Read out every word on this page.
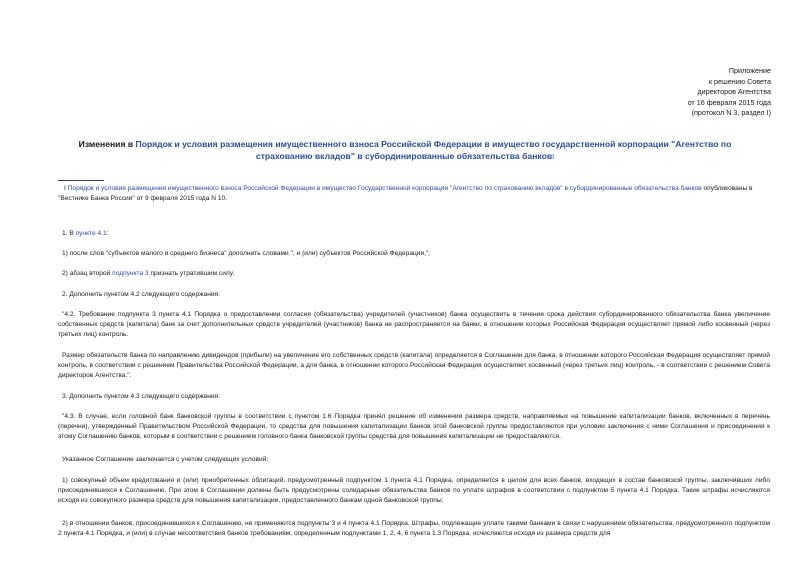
Приложение
к решению Совета
директоров Агентства
от 16 февраля 2015 года
(протокол N 3, раздел I)
Изменения в Порядок и условия размещения имущественного взноса Российской Федерации в имущество государственной корпорации "Агентство по страхованию вкладов" в субординированные обязательства банковI
I Порядок и условия размещения имущественного взноса Российской Федерации в имущество Государственной корпорации "Агентство по страхованию вкладов" в субординированные обязательства банков опубликованы в "Вестнике Банка России" от 9 февраля 2015 года N 10.
1. В пункте 4.1:
1) после слов "субъектов малого и среднего бизнеса" дополнить словами ", и (или) субъектов Российской Федерации,";
2) абзац второй подпункта 3 признать утратившим силу.
2. Дополнить пунктом 4.2 следующего содержания:
"4.2. Требование подпункта 3 пункта 4.1 Порядка о предоставлении согласия (обязательства) учредителей (участников) банка осуществить в течение срока действия субординированного обязательства банка увеличение собственных средств (капитала) банк за счет дополнительных средств учредителей (участников) банка не распространяется на банки, в отношении которых Российская Федерация осуществляет прямой либо косвенный (через третьих лиц) контроль.
Размер обязательств банка по направлению дивидендов (прибыли) на увеличение его собственных средств (капитала) определяется в Соглашении для банка, в отношении которого Российская Федерация осуществляет прямой контроль, в соответствии с решением Правительства Российской Федерации, а для банка, в отношении которого Российская Федерация осуществляет косвенный (через третьих лиц) контроль, - в соответствии с решением Совета директоров Агентства.".
3. Дополнить пунктом 4.3 следующего содержания:
"4.3. В случае, если головной банк банковской группы в соответствии с пунктом 1.6 Порядка принял решение об изменении размера средств, направляемых на повышение капитализации банков, включенных в перечень (перечни), утвержденный Правительством Российской Федерации, то средства для повышения капитализации банков этой банковской группы предоставляются при условии заключения с ними Соглашения и присоединения к этому Соглашению банков, которым в соответствии с решением головного банка банковской группы средства для повышения капитализации не предоставляются.
Указанное Соглашение заключается с учетом следующих условий:
1) совокупный объем кредитования и (или) приобретенных облигаций, предусмотренный подпунктом 1 пункта 4.1 Порядка, определяется в целом для всех банков, входящих в состав банковской группы, заключивших либо присоединившихся к Соглашению. При этом в Соглашении должны быть предусмотрены солидарные обязательства банков по уплате штрафов в соответствии с подпунктом 5 пункта 4.1 Порядка. Такие штрафы исчисляются исходя из совокупного размера средств для повышения капитализации, предоставленного банкам одной банковской группы;
2) в отношении банков, присоединившихся к Соглашению, не применяются подпункты 3 и 4 пункта 4.1 Порядка. Штрафы, подлежащие уплате такими банками в связи с нарушением обязательства, предусмотренного подпунктом 2 пункта 4.1 Порядка, и (или) в случае несоответствия банков требованиям, определенным подпунктами 1, 2, 4, 6 пункта 1.3 Порядка, исчисляются исходя из размера средств для
